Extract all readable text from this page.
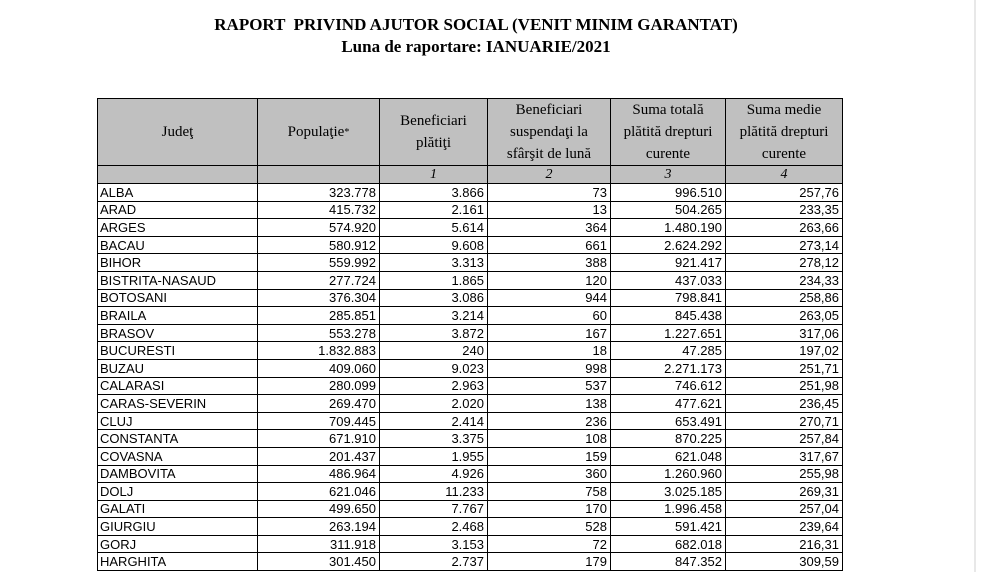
RAPORT  PRIVIND AJUTOR SOCIAL (VENIT MINIM GARANTAT)
Luna de raportare: IANUARIE/2021
Judeţ	Populaţie*	Beneficiari plătiţi	Beneficiari suspendaţi la sfârşit de lună	Suma totală plătită drepturi curente	Suma medie plătită drepturi curente
		1	2	3	4
ALBA	323.778	3.866	73	996.510	257,76
ARAD	415.732	2.161	13	504.265	233,35
ARGES	574.920	5.614	364	1.480.190	263,66
BACAU	580.912	9.608	661	2.624.292	273,14
BIHOR	559.992	3.313	388	921.417	278,12
BISTRITA-NASAUD	277.724	1.865	120	437.033	234,33
BOTOSANI	376.304	3.086	944	798.841	258,86
BRAILA	285.851	3.214	60	845.438	263,05
BRASOV	553.278	3.872	167	1.227.651	317,06
BUCURESTI	1.832.883	240	18	47.285	197,02
BUZAU	409.060	9.023	998	2.271.173	251,71
CALARASI	280.099	2.963	537	746.612	251,98
CARAS-SEVERIN	269.470	2.020	138	477.621	236,45
CLUJ	709.445	2.414	236	653.491	270,71
CONSTANTA	671.910	3.375	108	870.225	257,84
COVASNA	201.437	1.955	159	621.048	317,67
DAMBOVITA	486.964	4.926	360	1.260.960	255,98
DOLJ	621.046	11.233	758	3.025.185	269,31
GALATI	499.650	7.767	170	1.996.458	257,04
GIURGIU	263.194	2.468	528	591.421	239,64
GORJ	311.918	3.153	72	682.018	216,31
HARGHITA	301.450	2.737	179	847.352	309,59
